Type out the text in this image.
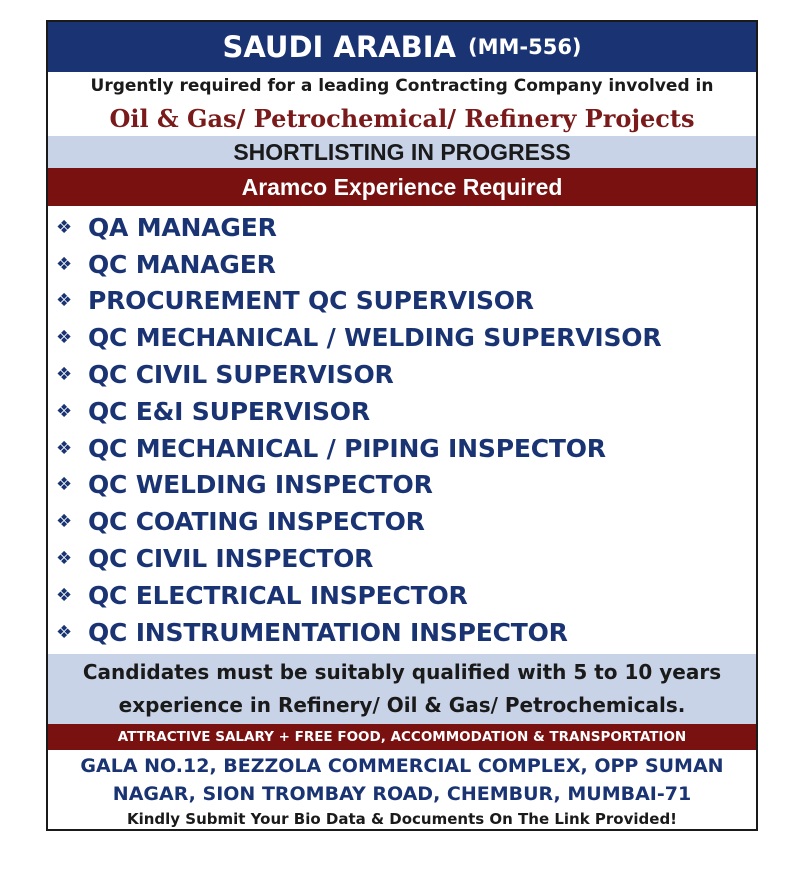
SAUDI ARABIA (MM-556)
Urgently required for a leading Contracting Company involved in
Oil & Gas/ Petrochemical/ Refinery Projects
SHORTLISTING IN PROGRESS
Aramco Experience Required
❖ QA MANAGER
❖ QC MANAGER
❖ PROCUREMENT QC SUPERVISOR
❖ QC MECHANICAL / WELDING SUPERVISOR
❖ QC CIVIL SUPERVISOR
❖ QC E&I SUPERVISOR
❖ QC MECHANICAL / PIPING INSPECTOR
❖ QC WELDING INSPECTOR
❖ QC COATING INSPECTOR
❖ QC CIVIL INSPECTOR
❖ QC ELECTRICAL INSPECTOR
❖ QC INSTRUMENTATION INSPECTOR
Candidates must be suitably qualified with 5 to 10 years
experience in Refinery/ Oil & Gas/ Petrochemicals.
ATTRACTIVE SALARY + FREE FOOD, ACCOMMODATION & TRANSPORTATION
GALA NO.12, BEZZOLA COMMERCIAL COMPLEX, OPP SUMAN
NAGAR, SION TROMBAY ROAD, CHEMBUR, MUMBAI-71
Kindly Submit Your Bio Data & Documents On The Link Provided!
